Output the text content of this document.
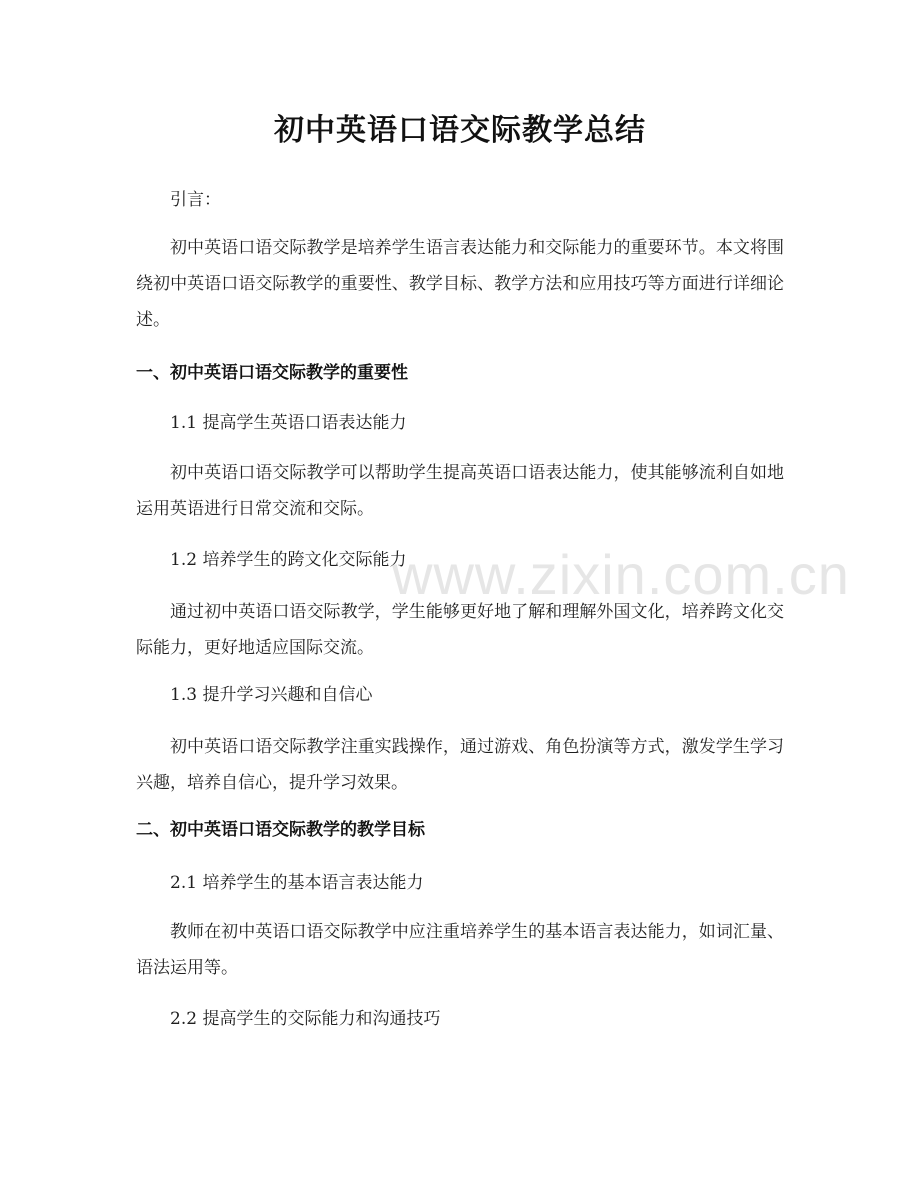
初中英语口语交际教学总结
引言：

初中英语口语交际教学是培养学生语言表达能力和交际能力的重要环节。本文将围绕初中英语口语交际教学的重要性、教学目标、教学方法和应用技巧等方面进行详细论述。

一、初中英语口语交际教学的重要性
1.1 提高学生英语口语表达能力

初中英语口语交际教学可以帮助学生提高英语口语表达能力，使其能够流利自如地运用英语进行日常交流和交际。

1.2 培养学生的跨文化交际能力

通过初中英语口语交际教学，学生能够更好地了解和理解外国文化，培养跨文化交际能力，更好地适应国际交流。

1.3 提升学习兴趣和自信心

初中英语口语交际教学注重实践操作，通过游戏、角色扮演等方式，激发学生学习兴趣，培养自信心，提升学习效果。

二、初中英语口语交际教学的教学目标
2.1 培养学生的基本语言表达能力

教师在初中英语口语交际教学中应注重培养学生的基本语言表达能力，如词汇量、语法运用等。

2.2 提高学生的交际能力和沟通技巧
www.zixin.com.cn
